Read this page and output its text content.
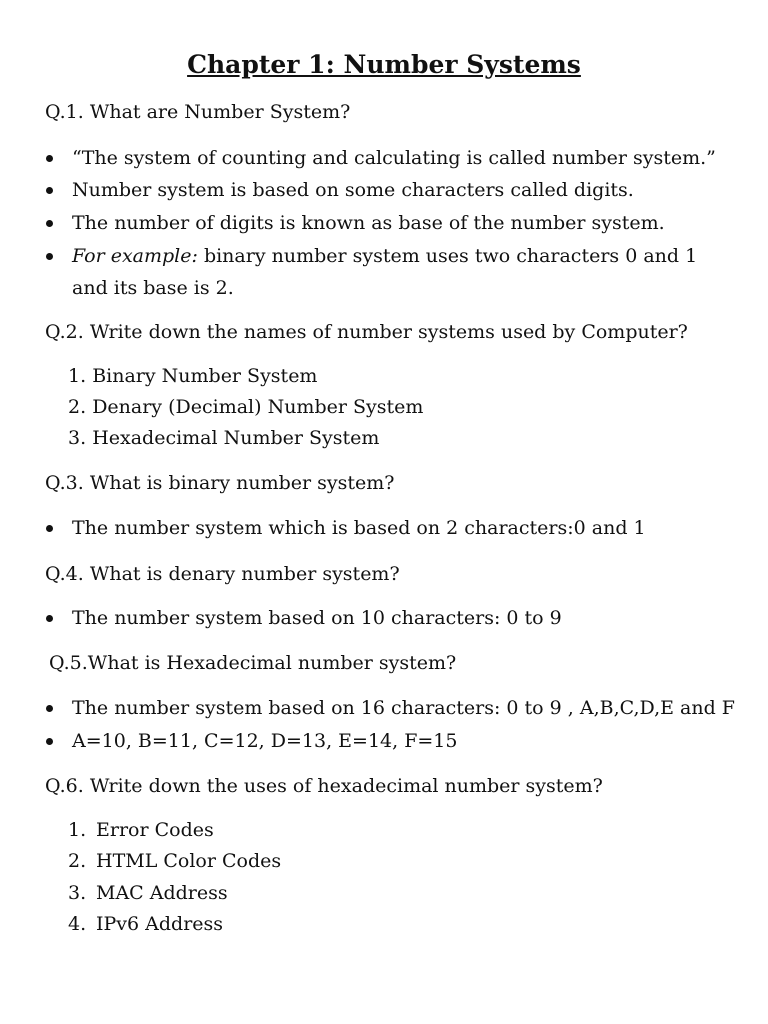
Chapter 1: Number Systems
Q.1. What are Number System?
“The system of counting and calculating is called number system.”
Number system is based on some characters called digits.
The number of digits is known as base of the number system.
For example: binary number system uses two characters 0 and 1
and its base is 2.
Q.2. Write down the names of number systems used by Computer?
1. Binary Number System
2. Denary (Decimal) Number System
3. Hexadecimal Number System
Q.3. What is binary number system?
The number system which is based on 2 characters:0 and 1
Q.4. What is denary number system?
The number system based on 10 characters: 0 to 9
Q.5.What is Hexadecimal number system?
The number system based on 16 characters: 0 to 9 , A,B,C,D,E and F
A=10, B=11, C=12, D=13, E=14, F=15
Q.6. Write down the uses of hexadecimal number system?
1. Error Codes
2. HTML Color Codes
3. MAC Address
4. IPv6 Address
